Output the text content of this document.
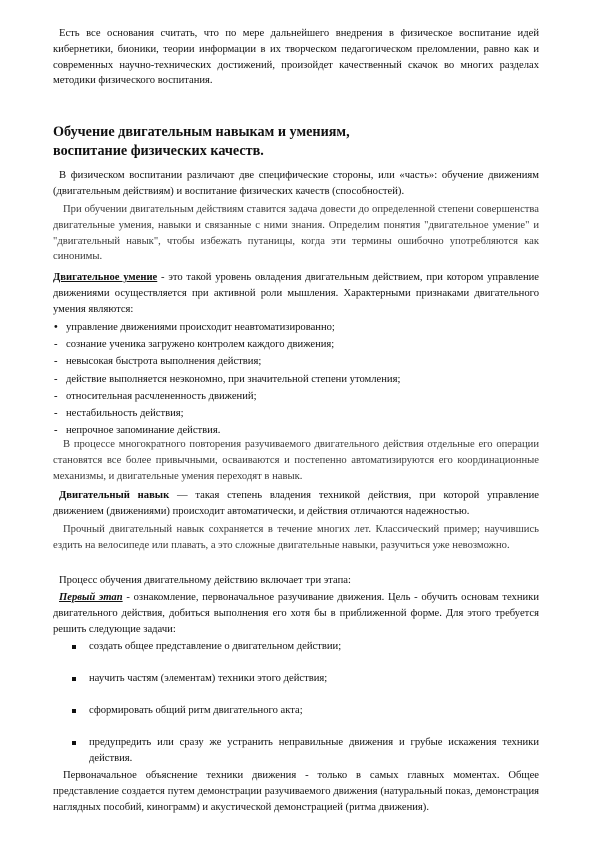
Есть все основания считать, что по мере дальнейшего внедрения в физическое воспитание идей кибернетики, бионики, теории информации в их творческом педагогическом преломлении, равно как и современных научно-технических достижений, произойдет качественный скачок во многих разделах методики физического воспитания.

Обучение двигательным навыкам и умениям,
воспитание физических качеств.

В физическом воспитании различают две специфические стороны, или «часть»: обучение движениям (двигательным действиям) и воспитание физических качеств (способностей).

При обучении двигательным действиям ставится задача довести до определенной степени совершенства двигательные умения, навыки и связанные с ними знания. Определим понятия "двигательное умение" и "двигательный навык", чтобы избежать путаницы, когда эти термины ошибочно употребляются как синонимы.

Двигательное умение - это такой уровень овладения двигательным действием, при котором управление движениями осуществляется при активной роли мышления. Характерными признаками двигательного умения являются:

• управление движениями происходит неавтоматизированно;
- сознание ученика загружено контролем каждого движения;
- невысокая быстрота выполнения действия;
- действие выполняется неэкономно, при значительной степени утомления;
- относительная расчлененность движений;
- нестабильность действия;
- непрочное запоминание действия.

В процессе многократного повторения разучиваемого двигательного действия отдельные его операции становятся все более привычными, осваиваются и постепенно автоматизируются его координационные механизмы, и двигательные умения переходят в навык.

Двигательный навык — такая степень владения техникой действия, при которой управление движением (движениями) происходит автоматически, и действия отличаются надежностью.

Прочный двигательный навык сохраняется в течение многих лет. Классический пример; научившись ездить на велосипеде или плавать, а это сложные двигательные навыки, разучиться уже невозможно.

Процесс обучения двигательному действию включает три этапа:

Первый этап - ознакомление, первоначальное разучивание движения. Цель - обучить основам техники двигательного действия, добиться выполнения его хотя бы в приближенной форме. Для этого требуется решить следующие задачи:

создать общее представление о двигательном действии;
научить частям (элементам) техники этого действия;
сформировать общий ритм двигательного акта;
предупредить или сразу же устранить неправильные движения и грубые искажения техники действия.

Первоначальное объяснение техники движения - только в самых главных моментах. Общее представление создается путем демонстрации разучиваемого движения (натуральный показ, демонстрация наглядных пособий, кинограмм) и акустической демонстрацией (ритма движения).
